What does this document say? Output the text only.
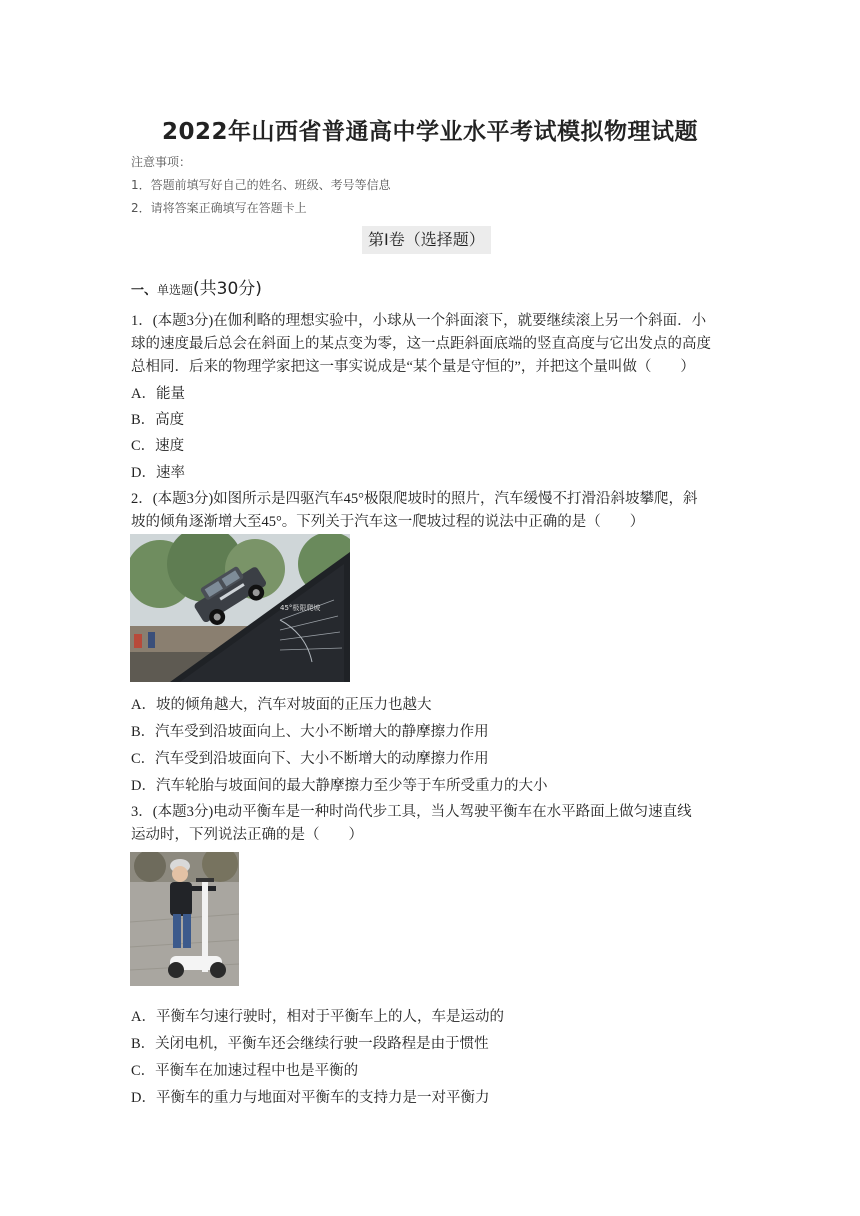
2022年山西省普通高中学业水平考试模拟物理试题
注意事项：
1．答题前填写好自己的姓名、班级、考号等信息
2．请将答案正确填写在答题卡上
第I卷（选择题）
一、单选题(共30分)
1．(本题3分)在伽利略的理想实验中，小球从一个斜面滚下，就要继续滚上另一个斜面．小
球的速度最后总会在斜面上的某点变为零，这一点距斜面底端的竖直高度与它出发点的高度
总相同．后来的物理学家把这一事实说成是“某个量是守恒的”，并把这个量叫做（　　）
A．能量
B．高度
C．速度
D．速率
2．(本题3分)如图所示是四驱汽车45°极限爬坡时的照片，汽车缓慢不打滑沿斜坡攀爬，斜
坡的倾角逐渐增大至45°。下列关于汽车这一爬坡过程的说法中正确的是（　　）
45°极限爬坡
A．坡的倾角越大，汽车对坡面的正压力也越大
B．汽车受到沿坡面向上、大小不断增大的静摩擦力作用
C．汽车受到沿坡面向下、大小不断增大的动摩擦力作用
D．汽车轮胎与坡面间的最大静摩擦力至少等于车所受重力的大小
3．(本题3分)电动平衡车是一种时尚代步工具，当人驾驶平衡车在水平路面上做匀速直线
运动时，下列说法正确的是（　　）
A．平衡车匀速行驶时，相对于平衡车上的人，车是运动的
B．关闭电机，平衡车还会继续行驶一段路程是由于惯性
C．平衡车在加速过程中也是平衡的
D．平衡车的重力与地面对平衡车的支持力是一对平衡力
